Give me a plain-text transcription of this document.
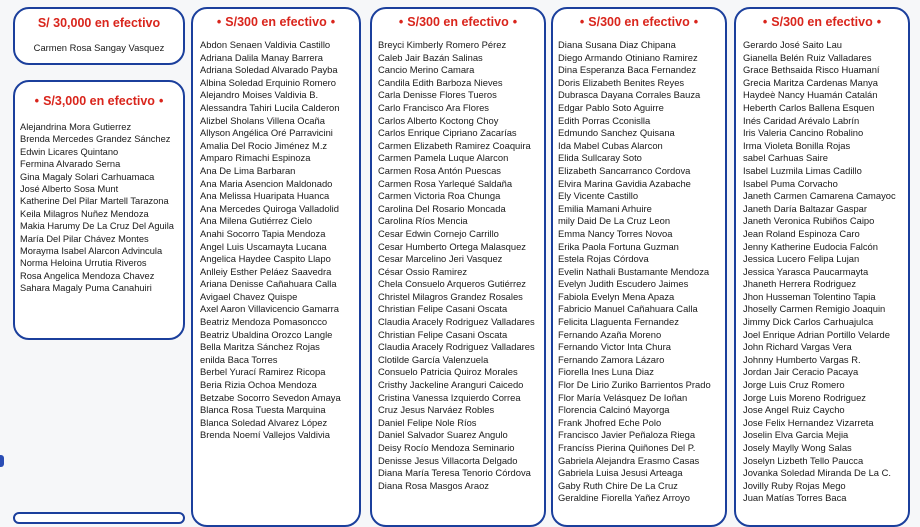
S/ 30,000 en efectivo
Carmen Rosa Sangay Vasquez
• S/3,000 en efectivo •
Alejandrina Mora Gutierrez
Brenda Mercedes Grandez Sánchez
Edwin Licares Quintano
Fermina Alvarado Serna
Gina Magaly Solari Carhuamaca
José Alberto Sosa Munt
Katherine Del Pilar Martell Tarazona
Keila Milagros Nuñez Mendoza
Makia Harumy De La Cruz Del Aguila
María Del Pilar Chávez Montes
Morayma Isabel Alarcon Advincula
Norma Heloina Urrutia Riveros
Rosa Angelica Mendoza Chavez
Sahara Magaly Puma Canahuiri
• S/300 en efectivo •
Abdon Senaen Valdivia Castillo
Adriana Dalila Manay Barrera
Adriana Soledad Alvarado Payba
Albina Soledad Erquinio Romero
Alejandro Moises Valdivia B.
Alessandra Tahiri Lucila Calderon
Alizbel Sholans Villena Ocaña
Allyson Angélica Oré Parravicini
Amalia Del Rocio Jiménez M.z
Amparo Rimachi Espinoza
Ana De Lima Barbaran
Ana Maria Asencion Maldonado
Ana Melissa Huaripata Huanca
Ana Mercedes Quiroga Valladolid
Ana Milena Gutiérrez Cielo
Anahi Socorro Tapia Mendoza
Angel Luis Uscamayta Lucana
Angelica Haydee Caspito Llapo
Anlleiy Esther Peláez Saavedra
Ariana Denisse Cañahuara Calla
Avigael Chavez Quispe
Axel Aaron Villavicencio Gamarra
Beatriz Mendoza Pomasoncco
Beatriz Ubaldina Orozco Langle
Bella Maritza Sánchez Rojas
enilda Baca Torres
Berbel Yurací Ramirez Ricopa
Beria Rizia Ochoa Mendoza
Betzabe Socorro Sevedon Amaya
Blanca Rosa Tuesta Marquina
Blanca Soledad Alvarez López
Brenda Noemí Vallejos Valdivia
• S/300 en efectivo •
Breyci Kimberly Romero Pérez
Caleb Jair Bazán Salinas
Cancio Merino Camara
Candila Edith Barboza Nieves
Carla Denisse Flores Tueros
Carlo Francisco Ara Flores
Carlos Alberto Koctong Choy
Carlos Enrique Cipriano Zacarías
Carmen Elizabeth Ramirez Coaquira
Carmen Pamela Luque Alarcon
Carmen Rosa Antón Puescas
Carmen Rosa Yarlequé Saldaña
Carmen Victoria Roa Chunga
Carolina Del Rosario Moncada
Carolina Ríos Mencia
Cesar Edwin Cornejo Carrillo
Cesar Humberto Ortega Malasquez
Cesar Marcelino Jeri Vasquez
César Ossio Ramirez
Chela Consuelo Arqueros Gutiérrez
Christel Milagros Grandez Rosales
Christian Felipe Casani Oscata
Claudia Aracely Rodriguez Valladares
Christian Felipe Casani Oscata
Claudia Aracely Rodriguez Valladares
Clotilde García Valenzuela
Consuelo Patricia Quiroz Morales
Cristhy Jackeline Aranguri Caicedo
Cristina Vanessa Izquierdo Correa
Cruz Jesus Narváez Robles
Daniel Felipe Nole Ríos
Daniel Salvador Suarez Angulo
Deisy Rocío Mendoza Seminario
Denisse Jesus Villacorta Delgado
Diana María Teresa Tenorio Córdova
Diana Rosa Masgos Araoz
• S/300 en efectivo •
Diana Susana Diaz Chipana
Diego Armando Otiniano Ramirez
Dina Esperanza Baca Fernandez
Doris Elizabeth Benites Reyes
Dubrasca Dayana Corrales Bauza
Edgar Pablo Soto Aguirre
Edith Porras Cconislla
Edmundo Sanchez Quisana
Ida Mabel Cubas Alarcon
Elida Sullcaray Soto
Elizabeth Sancarranco Cordova
Elvira Marina Gavidia Azabache
Ely Vicente Castillo
Emilia Mamani Arhuire
mily Daid De La Cruz Leon
Emma Nancy Torres Novoa
Erika Paola Fortuna Guzman
Estela Rojas Córdova
Evelin Nathali Bustamante Mendoza
Evelyn Judith Escudero Jaimes
Fabiola Evelyn Mena Apaza
Fabricio Manuel Cañahuara Calla
Felicita Llaguenta Fernandez
Fernando Azaña Moreno
Fernando Victor Inta Chura
Fernando Zamora Lázaro
Fiorella Ines Luna Diaz
Flor De Lirio Zuriko Barrientos Prado
Flor María Velásquez De Ioñan
Florencia Calcinó Mayorga
Frank Jhofred Eche Polo
Francisco Javier Peñaloza Riega
Francíss Pierina Quiñones Del P.
Gabriela Alejandra Erasmo Casas
Gabriela Luisa Jesusi Arteaga
Gaby Ruth Chire De La Cruz
Geraldine Fiorella Yañez Arroyo
• S/300 en efectivo •
Gerardo José Saito Lau
Gianella Belén Ruiz Valladares
Grace Bethsaida Risco Huamaní
Grecia Maritza Cardenas Manya
Haydeè Nancy Huamán Catalán
Heberth Carlos Ballena Esquen
Inés Caridad Arévalo Labrín
Iris Valeria Cancino Robalino
Irma Violeta Bonilla Rojas
sabel Carhuas Saire
Isabel Luzmila Limas Cadillo
Isabel Puma Corvacho
Janeth Carmen Camarena Camayoc
Janeth Daría Baltazar Gaspar
Janeth Veronica Rubiños Caipo
Jean Roland Espinoza Caro
Jenny Katherine Eudocia Falcón
Jessica Lucero Felipa Lujan
Jessica Yarasca Paucarmayta
Jhaneth Herrera Rodriguez
Jhon Husseman Tolentino Tapia
Jhoselly Carmen Remigio Joaquin
Jimmy Dick Carlos Carhuajulca
Joel Enrique Adrian Portillo Velarde
John Richard Vargas Vera
Johnny Humberto Vargas R.
Jordan Jair Ceracio Pacaya
Jorge Luis Cruz Romero
Jorge Luis Moreno Rodriguez
Jose Angel Ruiz Caycho
Jose Felix Hernandez Vizarreta
Joselin Elva Garcia Mejia
Josely Maylly Wong Salas
Joselyn Lizbeth Tello Paucca
Jovanka Soledad Miranda De La C.
Jovilly Ruby Rojas Mego
Juan Matías Torres Baca
